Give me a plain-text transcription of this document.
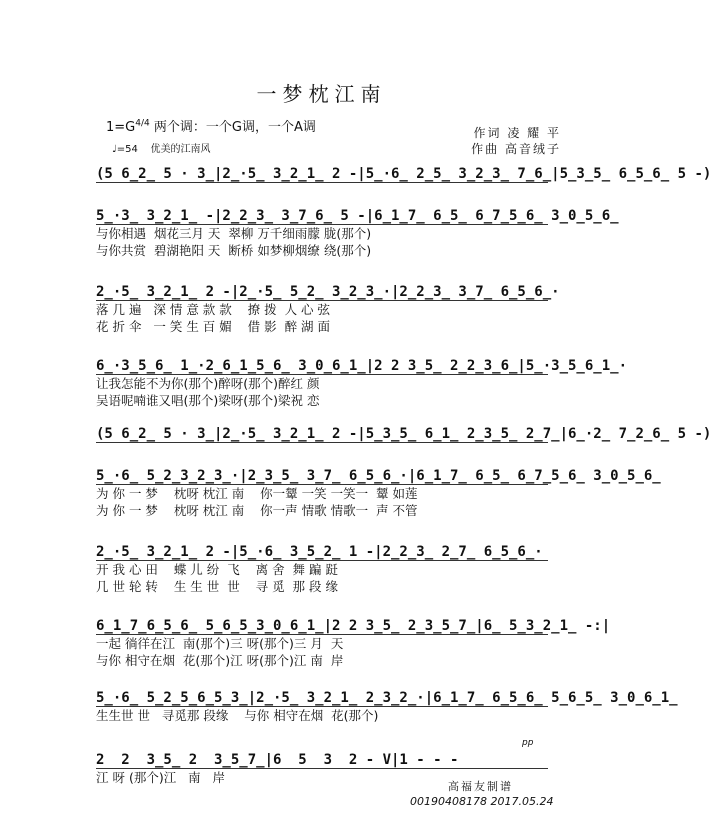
一梦枕江南
$1=G^{4/4}$ 两个调：一个G调，一个A调
♩=54 优美的江南风
作词 凌 耀 平
作曲 高音绒子
(5 6̲2̲ 5 · 3̲|2̲·5̲ 3̲2̲1̲ 2 -|5̲·6̲ 2̲5̲ 3̲2̲3̲ 7̲6̲|5̲3̲5̲ 6̲5̲6̲ 5 -)
5̲·3̲ 3̲2̲1̲ -|2̲2̲3̲ 3̲7̲6̲ 5 -|6̲1̲7̲ 6̲5̲ 6̲7̲5̲6̲ 3̲0̲5̲6̲
与你相遇  烟花三月 天  翠柳 万千细雨朦 胧(那个)
与你共赏  碧湖艳阳 天  断桥 如梦柳烟缭 绕(那个)
2̲·5̲ 3̲2̲1̲ 2 -|2̲·5̲ 5̲2̲ 3̲2̲3̲·|2̲2̲3̲ 3̲7̲ 6̲5̲6̲·
落 几 遍   深 情 意 款 款    撩 拨  人 心 弦
花 折 伞   一 笑 生 百 媚    借 影  醉 湖 面
6̲·3̲5̲6̲ 1̲·2̲6̲1̲5̲6̲ 3̲0̲6̲1̲|2 2 3̲5̲ 2̲2̲3̲6̲|5̲·3̲5̲6̲1̲·
让我怎能不为你(那个)醉呀(那个)醉红 颜
吴语呢喃谁又唱(那个)梁呀(那个)梁祝 恋
(5 6̲2̲ 5 · 3̲|2̲·5̲ 3̲2̲1̲ 2 -|5̲3̲5̲ 6̲1̲ 2̲3̲5̲ 2̲7̲|6̲·2̲ 7̲2̲6̲ 5 -)
5̲·6̲ 5̲2̲3̲2̲3̲·|2̲3̲5̲ 3̲7̲ 6̲5̲6̲·|6̲1̲7̲ 6̲5̲ 6̲7̲5̲6̲ 3̲0̲5̲6̲
为 你 一 梦    枕呀 枕江 南    你一颦 一笑 一笑一  颦 如莲
为 你 一 梦    枕呀 枕江 南    你一声 情歌 情歌一  声 不管
2̲·5̲ 3̲2̲1̲ 2 -|5̲·6̲ 3̲5̲2̲ 1 -|2̲2̲3̲ 2̲7̲ 6̲5̲6̲·
开 我 心 田    蝶 儿 纷  飞    离 舍  舞 蹁 跹
几 世 轮 转    生 生 世  世    寻 觅  那 段 缘
6̲1̲7̲6̲5̲6̲ 5̲6̲5̲3̲0̲6̲1̲|2 2 3̲5̲ 2̲3̲5̲7̲|6̲ 5̲3̲2̲1̲ -:|
一起 徜徉在江  南(那个)三 呀(那个)三 月  天
与你 相守在烟  花(那个)江 呀(那个)江 南  岸
5̲·6̲ 5̲2̲5̲6̲5̲3̲|2̲·5̲ 3̲2̲1̲ 2̲3̲2̲·|6̲1̲7̲ 6̲5̲6̲ 5̲6̲5̲ 3̲0̲6̲1̲
生生世 世   寻觅那 段缘    与你 相守在烟  花(那个)
2  2  3̲5̲ 2  3̲5̲7̲|6  5  3  2 - V|1 - - -
江 呀 (那个)江   南   岸
pp
高福友制谱
00190408178 2017.05.24
